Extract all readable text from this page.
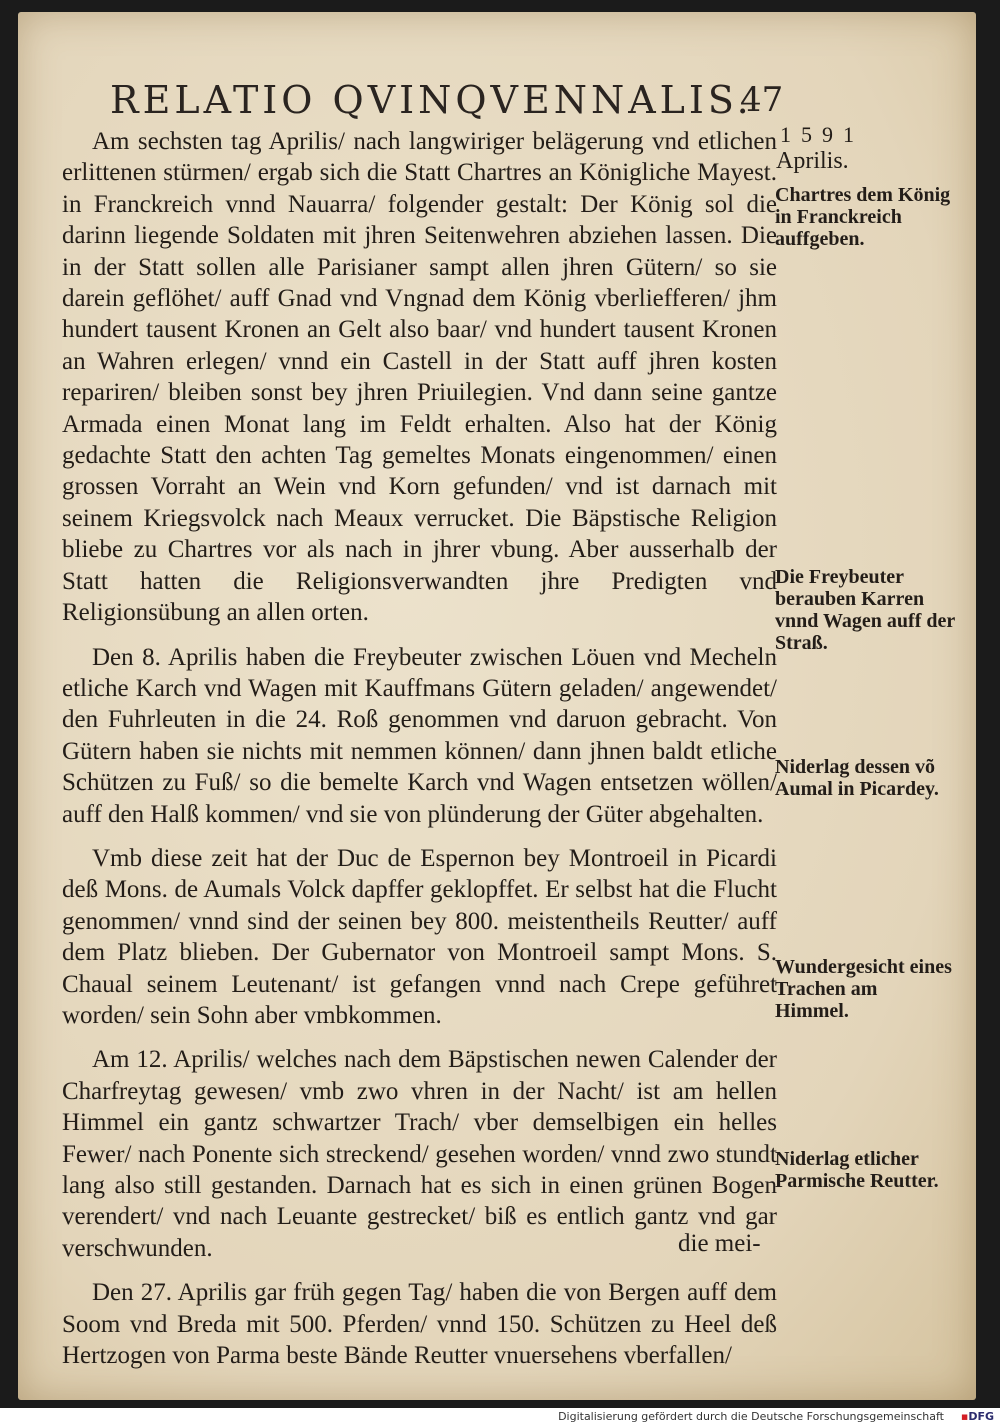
RELATIO QVINQVENNALIS.
47
1591
Aprilis.

Am sechsten tag Aprilis/ nach langwiriger belägerung vnd etlichen erlittenen stürmen/ ergab sich die Statt Chartres an Königliche Mayest. in Franckreich vnnd Nauarra/ folgender gestalt: Der König sol die darinn liegende Soldaten mit jhren Seitenwehren abziehen lassen. Die in der Statt sollen alle Parisianer sampt allen jhren Gütern/ so sie darein geflöhet/ auff Gnad vnd Vngnad dem König vberliefferen/ jhm hundert tausent Kronen an Gelt also baar/ vnd hundert tausent Kronen an Wahren erlegen/ vnnd ein Castell in der Statt auff jhren kosten repariren/ bleiben sonst bey jhren Priuilegien. Vnd dann seine gantze Armada einen Monat lang im Feldt erhalten. Also hat der König gedachte Statt den achten Tag gemeltes Monats eingenommen/ einen grossen Vorraht an Wein vnd Korn gefunden/ vnd ist darnach mit seinem Kriegsvolck nach Meaux verrucket. Die Bäpstische Religion bliebe zu Chartres vor als nach in jhrer vbung. Aber ausserhalb der Statt hatten die Religionsverwandten jhre Predigten vnd Religionsübung an allen orten.

Den 8. Aprilis haben die Freybeuter zwischen Löuen vnd Mecheln etliche Karch vnd Wagen mit Kauffmans Gütern geladen/ angewendet/ den Fuhrleuten in die 24. Roß genommen vnd daruon gebracht. Von Gütern haben sie nichts mit nemmen können/ dann jhnen baldt etliche Schützen zu Fuß/ so die bemelte Karch vnd Wagen entsetzen wöllen/ auff den Halß kommen/ vnd sie von plünderung der Güter abgehalten.

Vmb diese zeit hat der Duc de Espernon bey Montroeil in Picardi deß Mons. de Aumals Volck dapffer geklopffet. Er selbst hat die Flucht genommen/ vnnd sind der seinen bey 800. meistentheils Reutter/ auff dem Platz blieben. Der Gubernator von Montroeil sampt Mons. S. Chaual seinem Leutenant/ ist gefangen vnnd nach Crepe geführet worden/ sein Sohn aber vmbkommen.

Am 12. Aprilis/ welches nach dem Bäpstischen newen Calender der Charfreytag gewesen/ vmb zwo vhren in der Nacht/ ist am hellen Himmel ein gantz schwartzer Trach/ vber demselbigen ein helles Fewer/ nach Ponente sich streckend/ gesehen worden/ vnnd zwo stundt lang also still gestanden. Darnach hat es sich in einen grünen Bogen verendert/ vnd nach Leuante gestrecket/ biß es entlich gantz vnd gar verschwunden.

Den 27. Aprilis gar früh gegen Tag/ haben die von Bergen auff dem Soom vnd Breda mit 500. Pferden/ vnnd 150. Schützen zu Heel deß Hertzogen von Parma beste Bände Reutter vnuersehens vberfallen/

die mei-
Chartres dem König in Franckreich auffgeben.
Die Freybeuter berauben Karren vnnd Wagen auff der Straß.
Niderlag dessen võ Aumal in Picardey.
Wundergesicht eines Trachen am Himmel.
Niderlag etlicher Parmische Reutter.
Digitalisierung gefördert durch die Deutsche Forschungsgemeinschaft ▪DFG
